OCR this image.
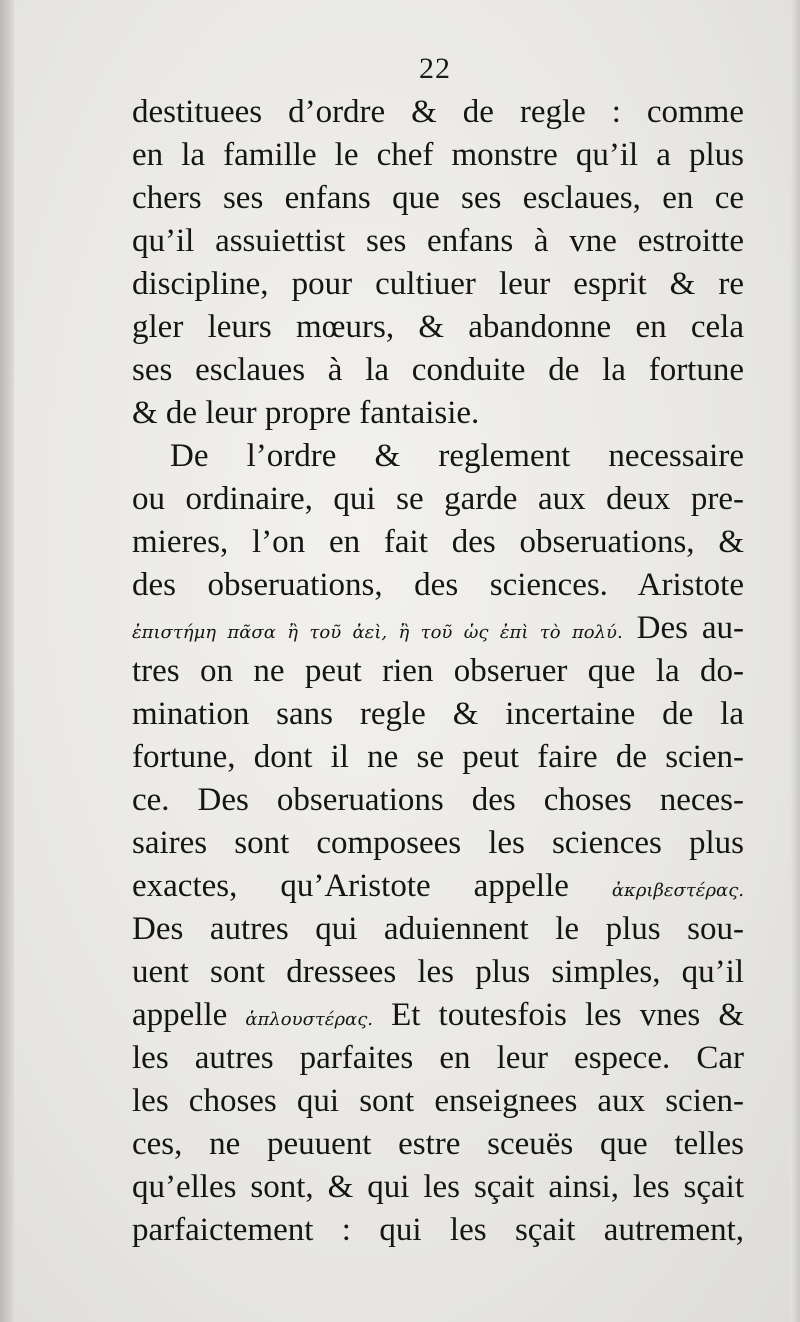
22
destituees d’ordre & de regle : comme
en la famille le chef monstre qu’il a plus
chers ses enfans que ses esclaues, en ce
qu’il assuiettist ses enfans à vne estroitte
discipline, pour cultiuer leur esprit & re
gler leurs mœurs, & abandonne en cela
ses esclaues à la conduite de la fortune
& de leur propre fantaisie.
De l’ordre & reglement necessaire
ou ordinaire, qui se garde aux deux pre-
mieres, l’on en fait des obseruations, &
des obseruations, des sciences. Aristote
ἐπιστήμη πᾶσα ἢ τοῦ ἀεὶ, ἢ τοῦ ὡς ἐπὶ τὸ πολύ. Des au-
tres on ne peut rien obseruer que la do-
mination sans regle & incertaine de la
fortune, dont il ne se peut faire de scien-
ce. Des obseruations des choses neces-
saires sont composees les sciences plus
exactes, qu’Aristote appelle ἀκριβεστέρας.
Des autres qui aduiennent le plus sou-
uent sont dressees les plus simples, qu’il
appelle ἁπλουστέρας. Et toutesfois les vnes &
les autres parfaites en leur espece. Car
les choses qui sont enseignees aux scien-
ces, ne peuuent estre sceuës que telles
qu’elles sont, & qui les sçait ainsi, les sçait
parfaictement : qui les sçait autrement,
